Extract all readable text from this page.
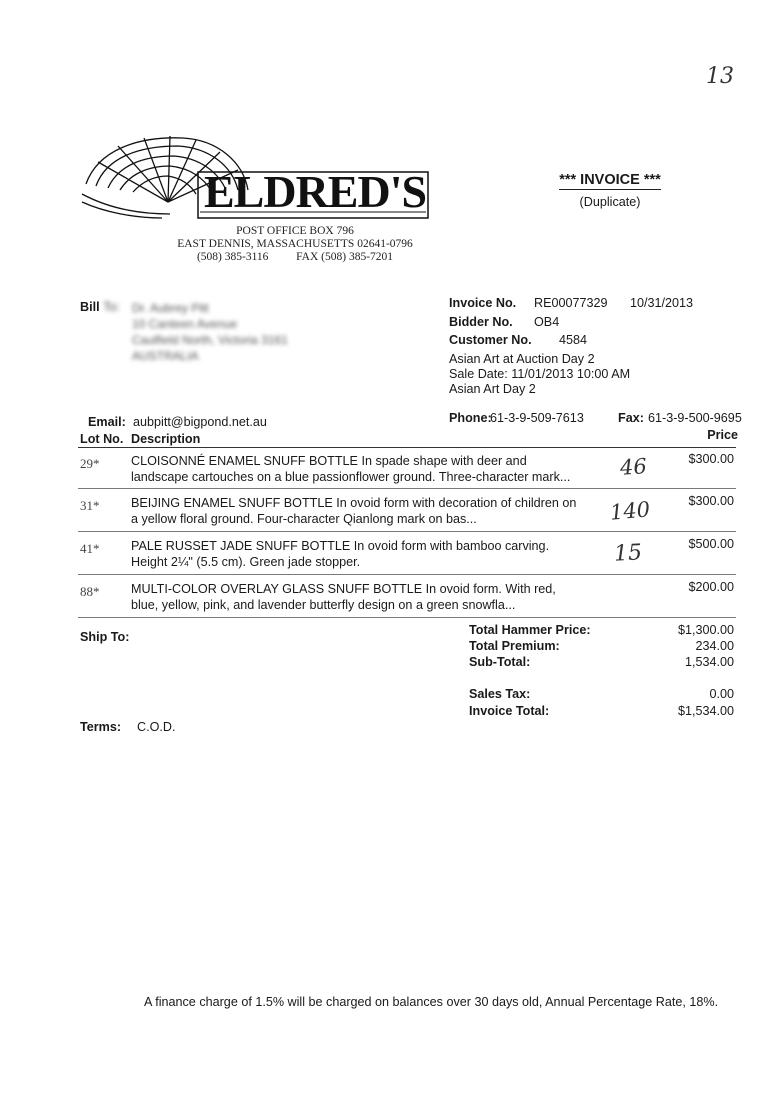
13
ELDRED'S
POST OFFICE BOX 796
EAST DENNIS, MASSACHUSETTS 02641-0796
(508) 385-3116 FAX (508) 385-7201
*** INVOICE ***
(Duplicate)
Bill To: Dr. Aubrey Pitt
10 Canteen Avenue
Caulfield North, Victoria 3161
AUSTRALIA
Invoice No. RE00077329 10/31/2013
Bidder No. OB4
Customer No. 4584
Asian Art at Auction Day 2
Sale Date: 11/01/2013 10:00 AM
Asian Art Day 2
Email: aubpitt@bigpond.net.au	Phone:
61-3-9-509-7613	Fax: 61-3-9-500-9695
Lot No. Description	Price
29*	CLOISONNÉ ENAMEL SNUFF BOTTLE In spade shape with deer and
landscape cartouches on a blue passionflower ground. Three-character mark...	46	$300.00
31*	BEIJING ENAMEL SNUFF BOTTLE In ovoid form with decoration of children on
a yellow floral ground. Four-character Qianlong mark on bas...	140	$300.00
41*	PALE RUSSET JADE SNUFF BOTTLE In ovoid form with bamboo carving.
Height 2¼" (5.5 cm). Green jade stopper.	15	$500.00
88*	MULTI-COLOR OVERLAY GLASS SNUFF BOTTLE In ovoid form. With red,
blue, yellow, pink, and lavender butterfly design on a green snowfla...
$200.00
Ship To:	Total Hammer Price:	$1,300.00
Total Premium:	234.00
Sub-Total:	1,534.00
Sales Tax:	0.00
Invoice Total:	$1,534.00
Terms: C.O.D.
A finance charge of 1.5% will be charged on balances over 30 days old, Annual Percentage Rate, 18%.
